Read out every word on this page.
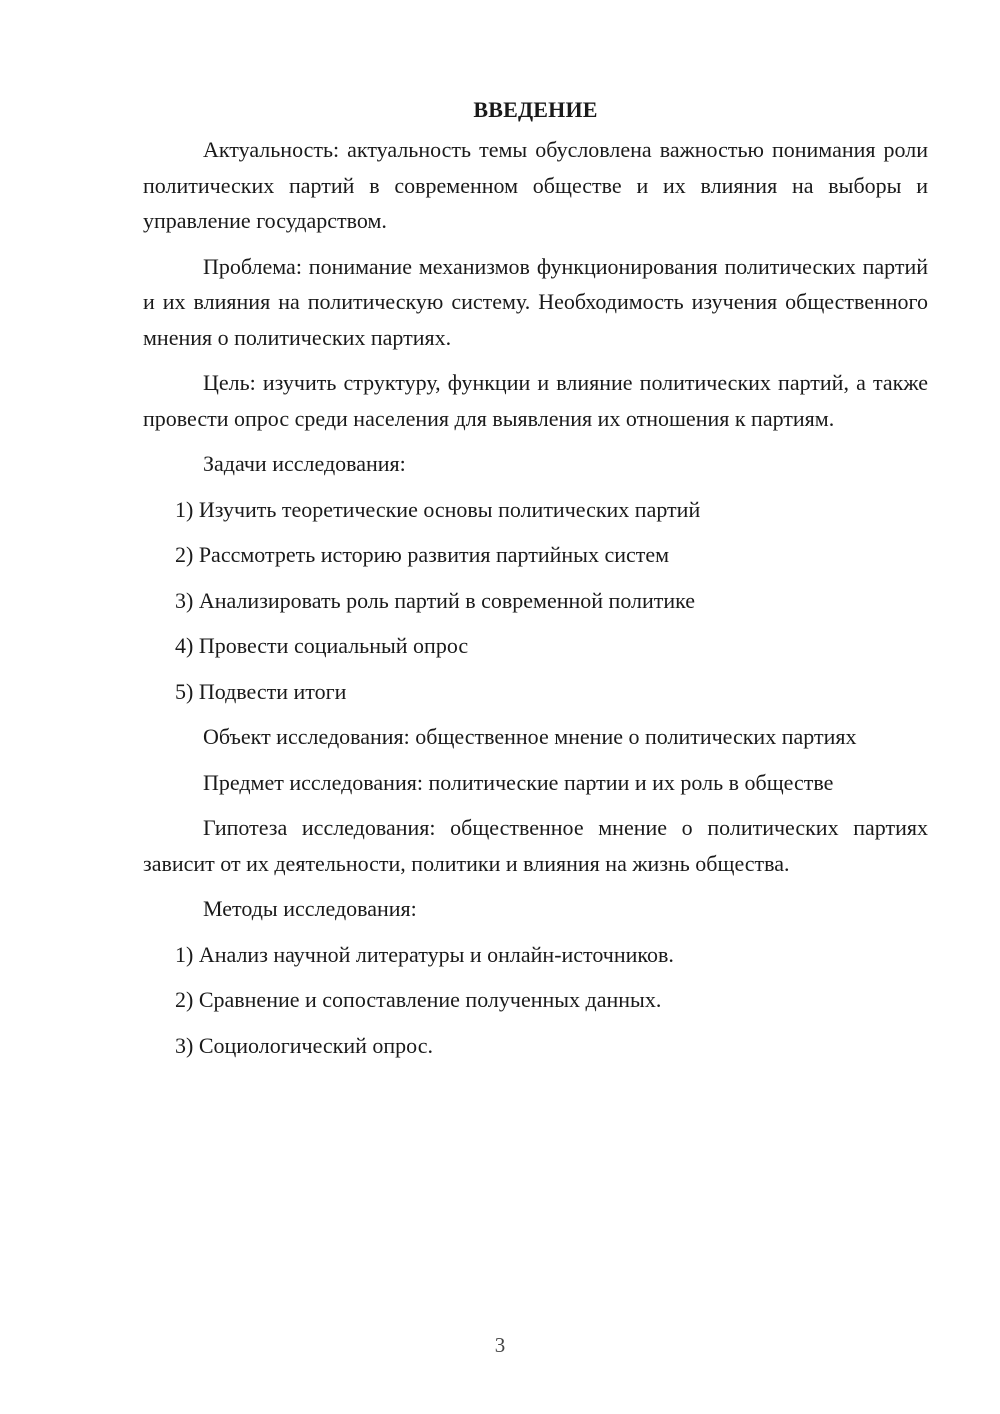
ВВЕДЕНИЕ

Актуальность: актуальность темы обусловлена важностью понимания роли политических партий в современном обществе и их влияния на выборы и управление государством.

Проблема: понимание механизмов функционирования политических партий и их влияния на политическую систему. Необходимость изучения общественного мнения о политических партиях.

Цель: изучить структуру, функции и влияние политических партий, а также провести опрос среди населения для выявления их отношения к партиям.

Задачи исследования:

1) Изучить теоретические основы политических партий
2) Рассмотреть историю развития партийных систем
3) Анализировать роль партий в современной политике
4) Провести социальный опрос
5) Подвести итоги

Объект исследования: общественное мнение о политических партиях

Предмет исследования: политические партии и их роль в обществе

Гипотеза исследования: общественное мнение о политических партиях зависит от их деятельности, политики и влияния на жизнь общества.

Методы исследования:

1) Анализ научной литературы и онлайн-источников.
2) Сравнение и сопоставление полученных данных.
3) Социологический опрос.
3
